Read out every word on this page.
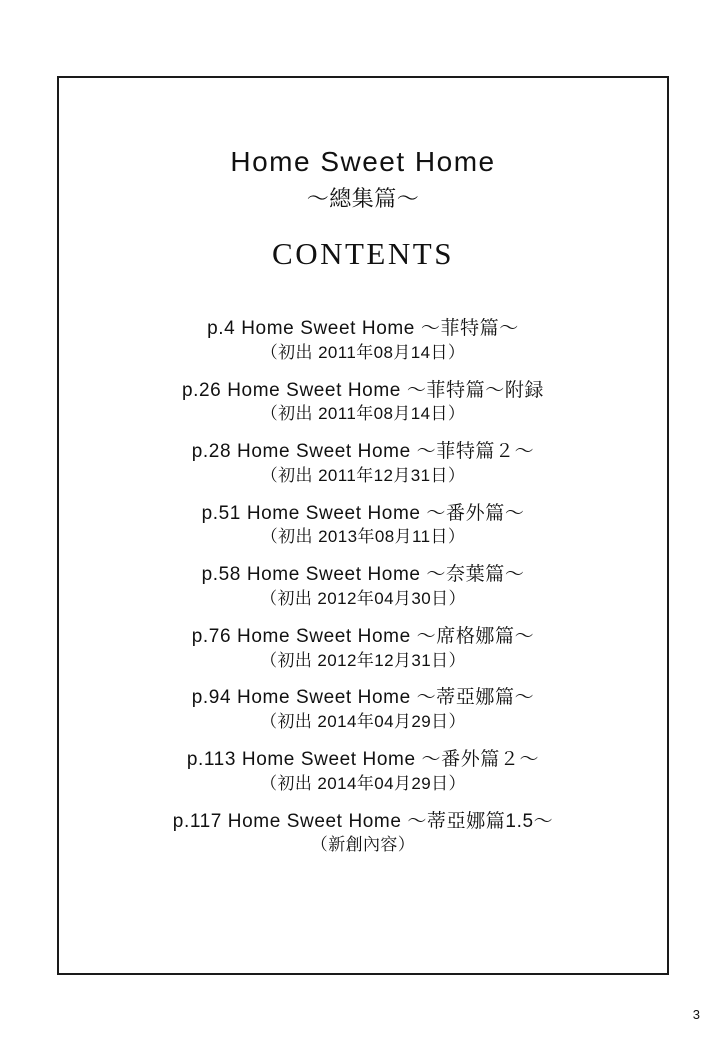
Home Sweet Home
〜總集篇〜
CONTENTS
p.4 Home Sweet Home 〜菲特篇〜
（初出 2011年08月14日）
p.26 Home Sweet Home 〜菲特篇〜附録
（初出 2011年08月14日）
p.28 Home Sweet Home 〜菲特篇２〜
（初出 2011年12月31日）
p.51 Home Sweet Home 〜番外篇〜
（初出 2013年08月11日）
p.58 Home Sweet Home 〜奈葉篇〜
（初出 2012年04月30日）
p.76 Home Sweet Home 〜席格娜篇〜
（初出 2012年12月31日）
p.94 Home Sweet Home 〜蒂亞娜篇〜
（初出 2014年04月29日）
p.113 Home Sweet Home 〜番外篇２〜
（初出 2014年04月29日）
p.117 Home Sweet Home 〜蒂亞娜篇1.5〜
（新創內容）
3
